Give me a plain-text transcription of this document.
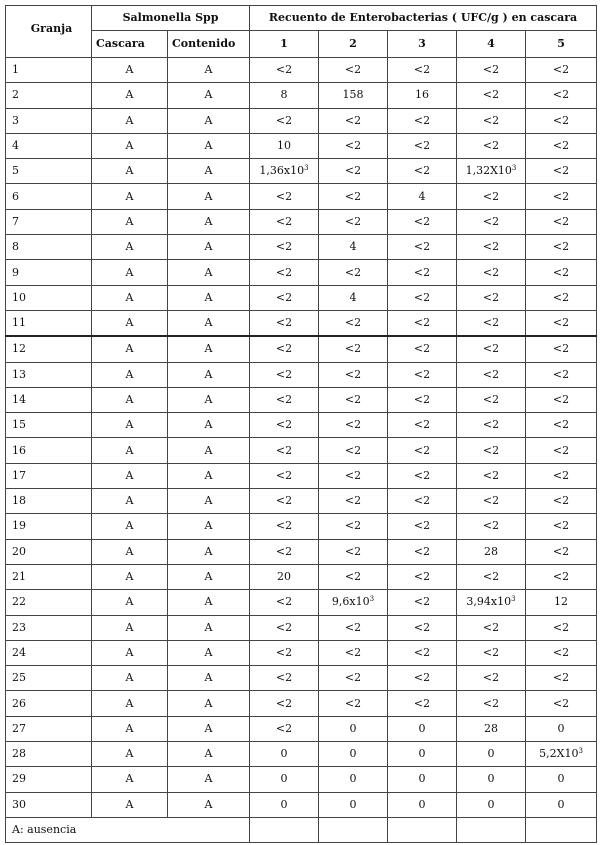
Granja	Salmonella Spp		Recuento de Enterobacterias ( UFC/g ) en cascara				
	Cascara	Contenido	1	2	3	4	5
1	A	A	<2	<2	<2	<2	<2
2	A	A	8	158	16	<2	<2
3	A	A	<2	<2	<2	<2	<2
4	A	A	10	<2	<2	<2	<2
5	A	A	$1,36x10^3$	<2	<2	$1,32X10^3$	<2
6	A	A	<2	<2	4	<2	<2
7	A	A	<2	<2	<2	<2	<2
8	A	A	<2	4	<2	<2	<2
9	A	A	<2	<2	<2	<2	<2
10	A	A	<2	4	<2	<2	<2
11	A	A	<2	<2	<2	<2	<2
12	A	A	<2	<2	<2	<2	<2
13	A	A	<2	<2	<2	<2	<2
14	A	A	<2	<2	<2	<2	<2
15	A	A	<2	<2	<2	<2	<2
16	A	A	<2	<2	<2	<2	<2
17	A	A	<2	<2	<2	<2	<2
18	A	A	<2	<2	<2	<2	<2
19	A	A	<2	<2	<2	<2	<2
20	A	A	<2	<2	<2	28	<2
21	A	A	20	<2	<2	<2	<2
22	A	A	<2	$9,6x10^3$	<2	$3,94x10^3$	12
23	A	A	<2	<2	<2	<2	<2
24	A	A	<2	<2	<2	<2	<2
25	A	A	<2	<2	<2	<2	<2
26	A	A	<2	<2	<2	<2	<2
27	A	A	<2	0	0	28	0
28	A	A	0	0	0	0	$5,2X10^3$
29	A	A	0	0	0	0	0
30	A	A	0	0	0	0	0
A: ausencia							
